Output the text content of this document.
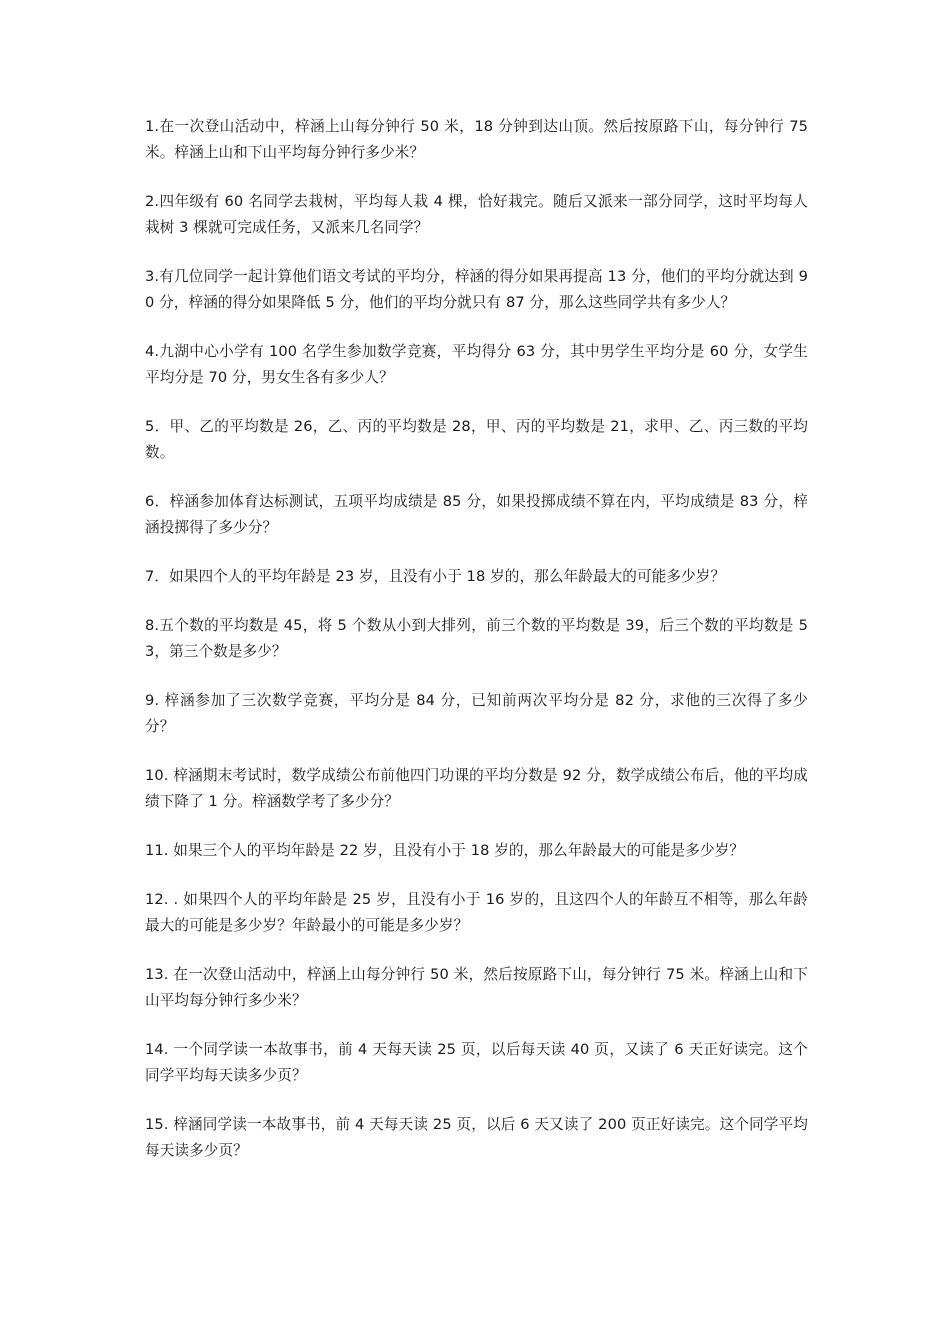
1.在一次登山活动中，梓涵上山每分钟行 50 米，18 分钟到达山顶。然后按原路下山，每分钟行 75 米。梓涵上山和下山平均每分钟行多少米？

2.四年级有 60 名同学去栽树，平均每人栽 4 棵，恰好栽完。随后又派来一部分同学，这时平均每人栽树 3 棵就可完成任务，又派来几名同学？

3.有几位同学一起计算他们语文考试的平均分，梓涵的得分如果再提高 13 分，他们的平均分就达到 90 分，梓涵的得分如果降低 5 分，他们的平均分就只有 87 分，那么这些同学共有多少人？

4.九湖中心小学有 100 名学生参加数学竞赛，平均得分 63 分，其中男学生平均分是 60 分，女学生平均分是 70 分，男女生各有多少人？

5．甲、乙的平均数是 26，乙、丙的平均数是 28，甲、丙的平均数是 21，求甲、乙、丙三数的平均数。

6．梓涵参加体育达标测试，五项平均成绩是 85 分，如果投掷成绩不算在内，平均成绩是 83 分，梓涵投掷得了多少分？

7．如果四个人的平均年龄是 23 岁，且没有小于 18 岁的，那么年龄最大的可能多少岁？

8.五个数的平均数是 45，将 5 个数从小到大排列，前三个数的平均数是 39，后三个数的平均数是 53，第三个数是多少？

9. 梓涵参加了三次数学竞赛，平均分是 84 分，已知前两次平均分是 82 分，求他的三次得了多少分？

10. 梓涵期末考试时，数学成绩公布前他四门功课的平均分数是 92 分，数学成绩公布后，他的平均成绩下降了 1 分。梓涵数学考了多少分？

11. 如果三个人的平均年龄是 22 岁，且没有小于 18 岁的，那么年龄最大的可能是多少岁？

12. . 如果四个人的平均年龄是 25 岁，且没有小于 16 岁的，且这四个人的年龄互不相等，那么年龄最大的可能是多少岁？年龄最小的可能是多少岁？

13. 在一次登山活动中，梓涵上山每分钟行 50 米，然后按原路下山，每分钟行 75 米。梓涵上山和下山平均每分钟行多少米？

14. 一个同学读一本故事书，前 4 天每天读 25 页，以后每天读 40 页，又读了 6 天正好读完。这个同学平均每天读多少页？

15. 梓涵同学读一本故事书，前 4 天每天读 25 页，以后 6 天又读了 200 页正好读完。这个同学平均每天读多少页？
